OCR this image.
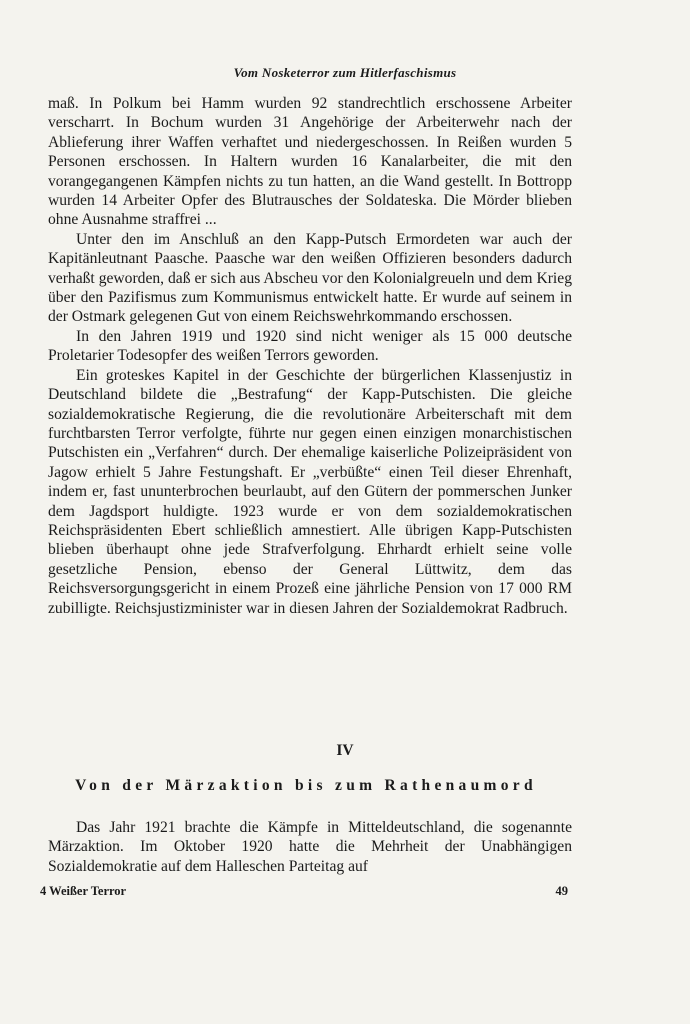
Vom Nosketerror zum Hitlerfaschismus

maß. In Polkum bei Hamm wurden 92 standrechtlich erschossene Arbeiter verscharrt. In Bochum wurden 31 Angehörige der Arbeiterwehr nach der Ablieferung ihrer Waffen verhaftet und niedergeschossen. In Reißen wurden 5 Personen erschossen. In Haltern wurden 16 Kanalarbeiter, die mit den vorangegangenen Kämpfen nichts zu tun hatten, an die Wand gestellt. In Bottropp wurden 14 Arbeiter Opfer des Blutrausches der Soldateska. Die Mörder blieben ohne Ausnahme straffrei ...

Unter den im Anschluß an den Kapp-Putsch Ermordeten war auch der Kapitänleutnant Paasche. Paasche war den weißen Offizieren besonders dadurch verhaßt geworden, daß er sich aus Abscheu vor den Kolonialgreueln und dem Krieg über den Pazifismus zum Kommunismus entwickelt hatte. Er wurde auf seinem in der Ostmark gelegenen Gut von einem Reichswehrkommando erschossen.

In den Jahren 1919 und 1920 sind nicht weniger als 15 000 deutsche Proletarier Todesopfer des weißen Terrors geworden.

Ein groteskes Kapitel in der Geschichte der bürgerlichen Klassenjustiz in Deutschland bildete die „Bestrafung“ der Kapp-Putschisten. Die gleiche sozialdemokratische Regierung, die die revolutionäre Arbeiterschaft mit dem furchtbarsten Terror verfolgte, führte nur gegen einen einzigen monarchistischen Putschisten ein „Verfahren“ durch. Der ehemalige kaiserliche Polizeipräsident von Jagow erhielt 5 Jahre Festungshaft. Er „verbüßte“ einen Teil dieser Ehrenhaft, indem er, fast ununterbrochen beurlaubt, auf den Gütern der pommerschen Junker dem Jagdsport huldigte. 1923 wurde er von dem sozialdemokratischen Reichspräsidenten Ebert schließlich amnestiert. Alle übrigen Kapp-Putschisten blieben überhaupt ohne jede Strafverfolgung. Ehrhardt erhielt seine volle gesetzliche Pension, ebenso der General Lüttwitz, dem das Reichsversorgungsgericht in einem Prozeß eine jährliche Pension von 17 000 RM zubilligte. Reichsjustizminister war in diesen Jahren der Sozialdemokrat Radbruch.

IV
Von der Märzaktion bis zum Rathenaumord

Das Jahr 1921 brachte die Kämpfe in Mitteldeutschland, die sogenannte Märzaktion. Im Oktober 1920 hatte die Mehrheit der Unabhängigen Sozialdemokratie auf dem Halleschen Parteitag auf

4 Weißer Terror	49
